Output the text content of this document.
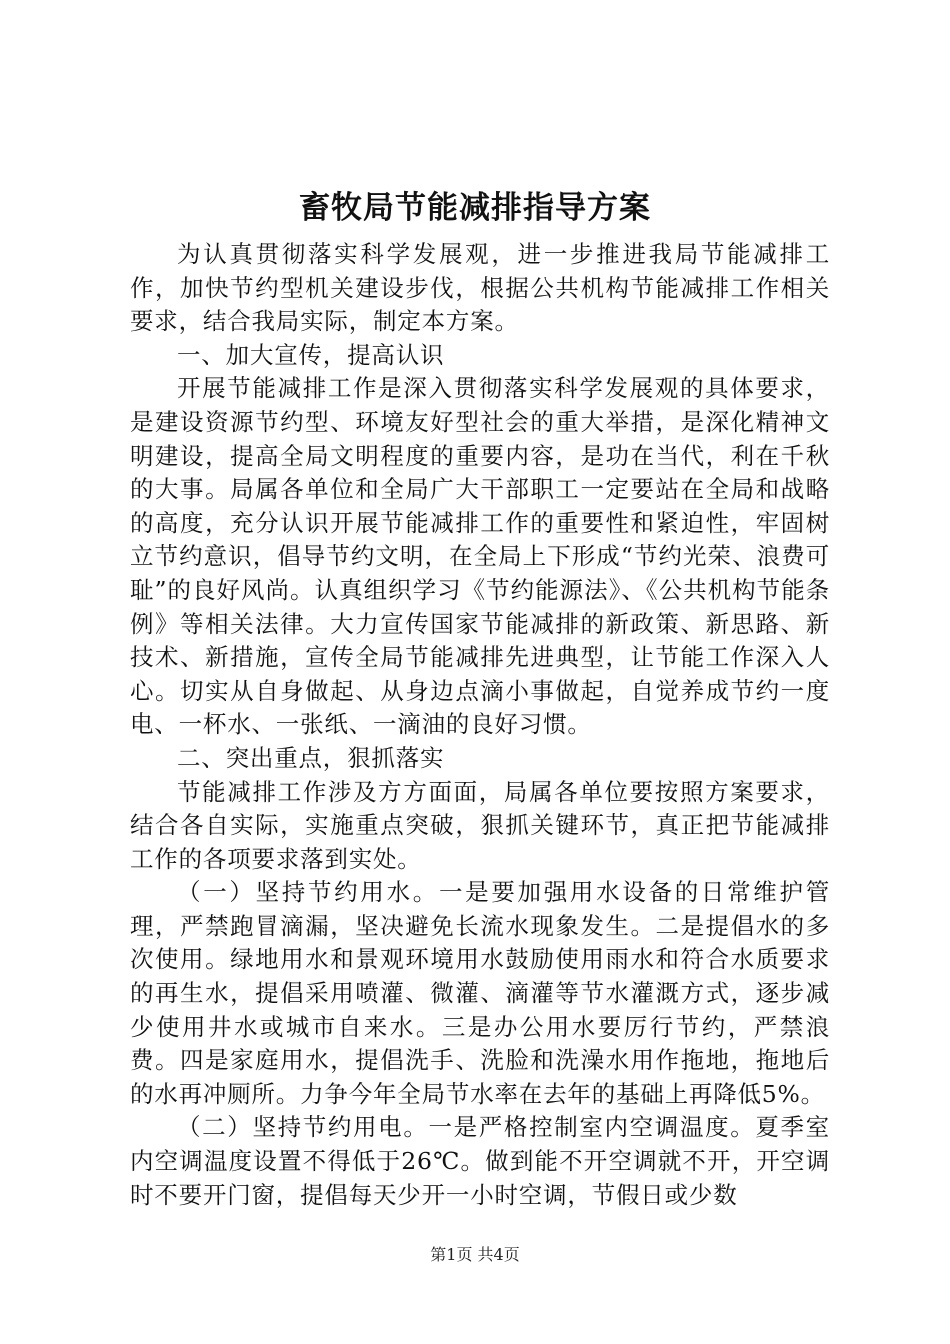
畜牧局节能减排指导方案

为认真贯彻落实科学发展观，进一步推进我局节能减排工作，加快节约型机关建设步伐，根据公共机构节能减排工作相关要求，结合我局实际，制定本方案。

一、加大宣传，提高认识

开展节能减排工作是深入贯彻落实科学发展观的具体要求，是建设资源节约型、环境友好型社会的重大举措，是深化精神文明建设，提高全局文明程度的重要内容，是功在当代，利在千秋的大事。局属各单位和全局广大干部职工一定要站在全局和战略的高度，充分认识开展节能减排工作的重要性和紧迫性，牢固树立节约意识，倡导节约文明，在全局上下形成“节约光荣、浪费可耻”的良好风尚。认真组织学习《节约能源法》、《公共机构节能条例》等相关法律。大力宣传国家节能减排的新政策、新思路、新技术、新措施，宣传全局节能减排先进典型，让节能工作深入人心。切实从自身做起、从身边点滴小事做起，自觉养成节约一度电、一杯水、一张纸、一滴油的良好习惯。

二、突出重点，狠抓落实

节能减排工作涉及方方面面，局属各单位要按照方案要求，结合各自实际，实施重点突破，狠抓关键环节，真正把节能减排工作的各项要求落到实处。

（一）坚持节约用水。一是要加强用水设备的日常维护管理，严禁跑冒滴漏，坚决避免长流水现象发生。二是提倡水的多次使用。绿地用水和景观环境用水鼓励使用雨水和符合水质要求的再生水，提倡采用喷灌、微灌、滴灌等节水灌溉方式，逐步减少使用井水或城市自来水。三是办公用水要厉行节约，严禁浪费。四是家庭用水，提倡洗手、洗脸和洗澡水用作拖地，拖地后的水再冲厕所。力争今年全局节水率在去年的基础上再降低5%。

（二）坚持节约用电。一是严格控制室内空调温度。夏季室内空调温度设置不得低于26℃。做到能不开空调就不开，开空调时不要开门窗，提倡每天少开一小时空调，节假日或少数

第1页 共4页
